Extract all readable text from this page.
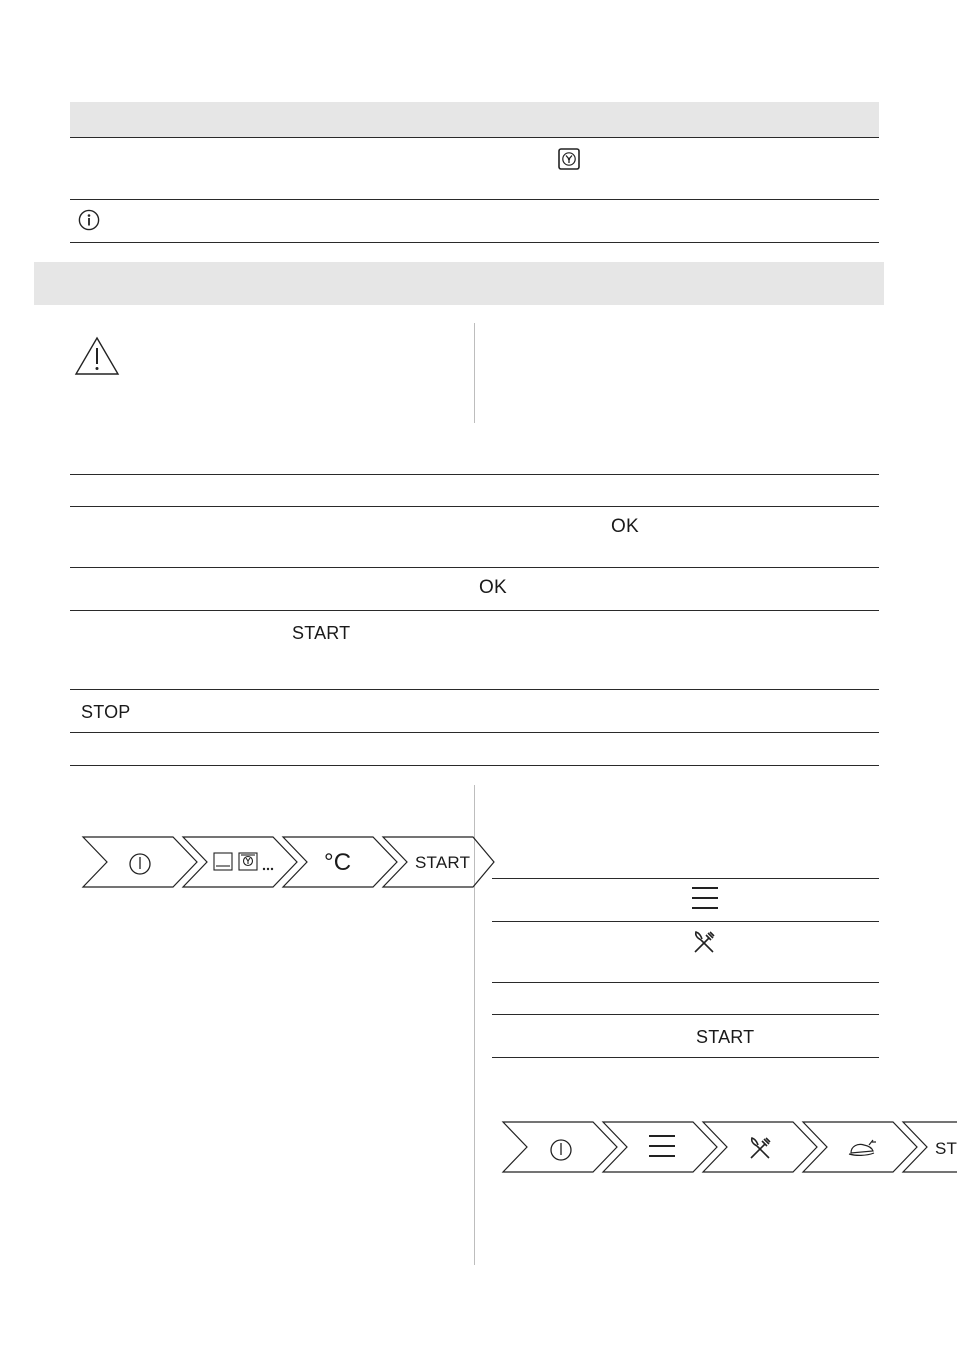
OK
OK
START
STOP
°C	START
START
ST
